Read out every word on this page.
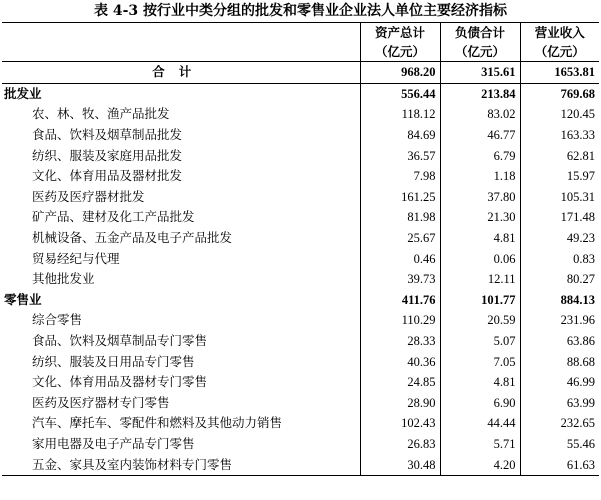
表 4-3 按行业中类分组的批发和零售业企业法人单位主要经济指标
	资产总计	负债合计	营业收入
	（亿元）	（亿元）	（亿元）
合计	968.20	315.61	1653.81
批发业	556.44	213.84	769.68
农、林、牧、渔产品批发	118.12	83.02	120.45
食品、饮料及烟草制品批发	84.69	46.77	163.33
纺织、服装及家庭用品批发	36.57	6.79	62.81
文化、体育用品及器材批发	7.98	1.18	15.97
医药及医疗器材批发	161.25	37.80	105.31
矿产品、建材及化工产品批发	81.98	21.30	171.48
机械设备、五金产品及电子产品批发	25.67	4.81	49.23
贸易经纪与代理	0.46	0.06	0.83
其他批发业	39.73	12.11	80.27
零售业	411.76	101.77	884.13
综合零售	110.29	20.59	231.96
食品、饮料及烟草制品专门零售	28.33	5.07	63.86
纺织、服装及日用品专门零售	40.36	7.05	88.68
文化、体育用品及器材专门零售	24.85	4.81	46.99
医药及医疗器材专门零售	28.90	6.90	63.99
汽车、摩托车、零配件和燃料及其他动力销售	102.43	44.44	232.65
家用电器及电子产品专门零售	26.83	5.71	55.46
五金、家具及室内装饰材料专门零售	30.48	4.20	61.63
